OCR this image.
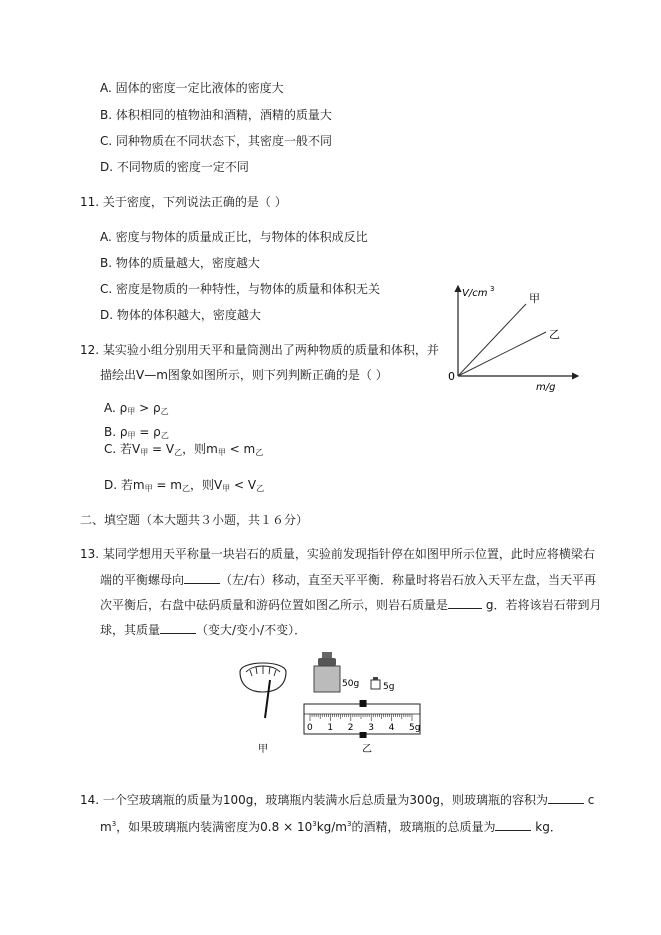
A. 固体的密度一定比液体的密度大
B. 体积相同的植物油和酒精，酒精的质量大
C. 同种物质在不同状态下，其密度一般不同
D. 不同物质的密度一定不同
11. 关于密度，下列说法正确的是（ ）
A. 密度与物体的质量成正比，与物体的体积成反比
B. 物体的质量越大，密度越大
C. 密度是物质的一种特性，与物体的质量和体积无关
D. 物体的体积越大，密度越大
12. 某实验小组分别用天平和量筒测出了两种物质的质量和体积，并
描绘出V—m图象如图所示，则下列判断正确的是（ ）
V/cm 3
m/g
0
甲
乙
A. $\rho_甲 > \rho_乙$
B. $\rho_甲 = \rho_乙$
C. 若$V_甲 = V_乙$，则$m_甲 < m_乙$
D. 若$m_甲 = m_乙$，则$V_甲 < V_乙$
二、填空题（本大题共３小题，共１６分）
13. 某同学想用天平称量一块岩石的质量，实验前发现指针停在如图甲所示位置，此时应将横梁右
端的平衡螺母向	（左/右）移动，直至天平平衡．称量时将岩石放入天平左盘，当天平再
次平衡后，右盘中砝码质量和游码位置如图乙所示，则岩石质量是	g．若将该岩石带到月
球，其质量	（变大/变小/不变）．
甲
50g	5g
0 1 2 3 4 5g
乙
14. 一个空玻璃瓶的质量为100g，玻璃瓶内装满水后总质量为300g，则玻璃瓶的容积为	c
$m^3$，如果玻璃瓶内装满密度为$0.8 \times 10^3kg/m^3$的酒精，玻璃瓶的总质量为	kg．
